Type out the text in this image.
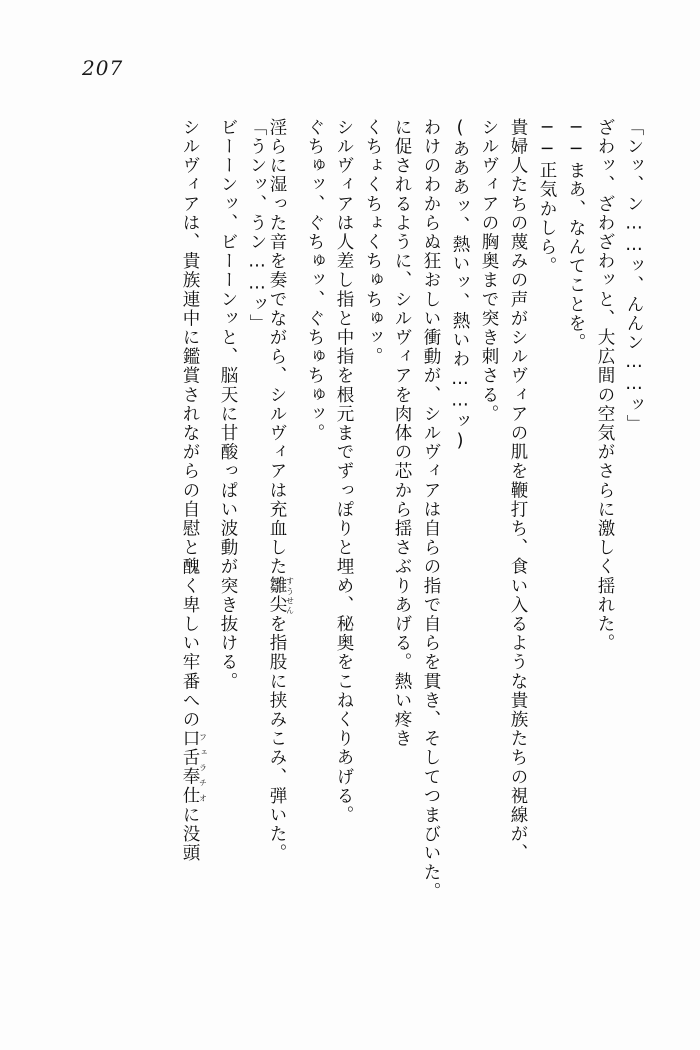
207
「ンッ、ン……ッ、んんン……ッ」
ざわッ、ざわざわッと、大広間の空気がさらに激しく揺れた。
──まあ、なんてことを。
──正気かしら。
貴婦人たちの蔑みの声がシルヴィアの肌を鞭打ち、食い入るような貴族たちの視線が、
シルヴィアの胸奥まで突き刺さる。
(あああッ、熱いッ、熱いわ……ッ)
わけのわからぬ狂おしい衝動が、シルヴィアは自らの指で自らを貫き、そしてつまびいた。
に促されるように、シルヴィアを肉体の芯から揺さぶりあげる。熱い疼き
くちょくちょくちゅちゅッ。
シルヴィアは人差し指と中指を根元までずっぽりと埋め、秘奥をこねくりあげる。
ぐちゅッ、ぐちゅッ、ぐちゅちゅッ。
淫らに湿った音を奏でながら、シルヴィアは充血した雛尖すうせんを指股に挟みこみ、弾いた。
「うンッ、うン……ッ」
ビーーンッ、ビーーンッと、脳天に甘酸っぱい波動が突き抜ける。
シルヴィアは、貴族連中に鑑賞されながらの自慰と醜く卑しい牢番への口舌奉仕フェラチオに没頭
